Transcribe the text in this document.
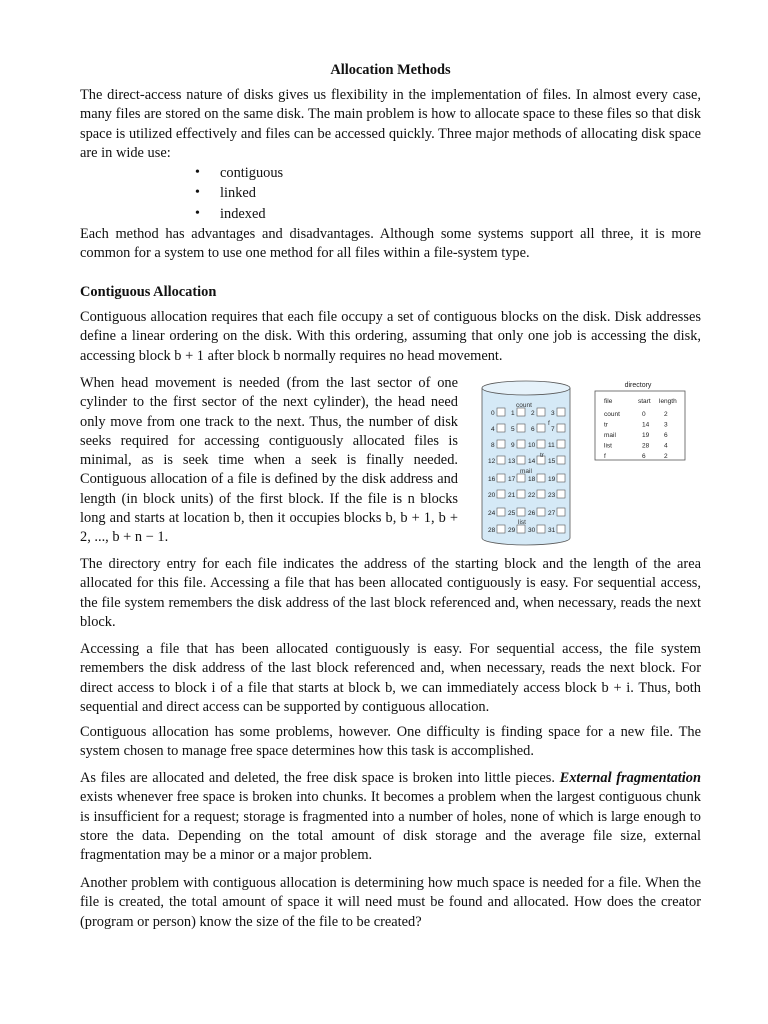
Allocation Methods

The direct-access nature of disks gives us flexibility in the implementation of files. In almost every case, many files are stored on the same disk. The main problem is how to allocate space to these files so that disk space is utilized effectively and files can be accessed quickly. Three major methods of allocating disk space are in wide use:

• contiguous
• linked
• indexed

Each method has advantages and disadvantages. Although some systems support all three, it is more common for a system to use one method for all files within a file-system type.

Contiguous Allocation

Contiguous allocation requires that each file occupy a set of contiguous blocks on the disk. Disk addresses define a linear ordering on the disk. With this ordering, assuming that only one job is accessing the disk, accessing block b + 1 after block b normally requires no head movement.

When head movement is needed (from the last sector of one cylinder to the first sector of the next cylinder), the head need only move from one track to the next. Thus, the number of disk seeks required for accessing contiguously allocated files is minimal, as is seek time when a seek is finally needed. Contiguous allocation of a file is defined by the disk address and length (in block units) of the first block. If the file is n blocks long and starts at location b, then it occupies blocks b, b + 1, b + 2, ..., b + n − 1.

0	1	2	3
4	5	6	7
8	9 10 11
12 13 14 15
16 17 18 19
20 21 22 23
24 25 26 27
28 29 30 31
count
f
tr
mail
list
directory
file	start length
count	0	2
tr	14 3
mail	19 6
list	28 4
f	6	2

The directory entry for each file indicates the address of the starting block and the length of the area allocated for this file. Accessing a file that has been allocated contiguously is easy. For sequential access, the file system remembers the disk address of the last block referenced and, when necessary, reads the next block.

Accessing a file that has been allocated contiguously is easy. For sequential access, the file system remembers the disk address of the last block referenced and, when necessary, reads the next block. For direct access to block i of a file that starts at block b, we can immediately access block b + i. Thus, both sequential and direct access can be supported by contiguous allocation.

Contiguous allocation has some problems, however. One difficulty is finding space for a new file. The system chosen to manage free space determines how this task is accomplished.

As files are allocated and deleted, the free disk space is broken into little pieces. External fragmentation exists whenever free space is broken into chunks. It becomes a problem when the largest contiguous chunk is insufficient for a request; storage is fragmented into a number of holes, none of which is large enough to store the data. Depending on the total amount of disk storage and the average file size, external fragmentation may be a minor or a major problem.

Another problem with contiguous allocation is determining how much space is needed for a file. When the file is created, the total amount of space it will need must be found and allocated. How does the creator (program or person) know the size of the file to be created?
